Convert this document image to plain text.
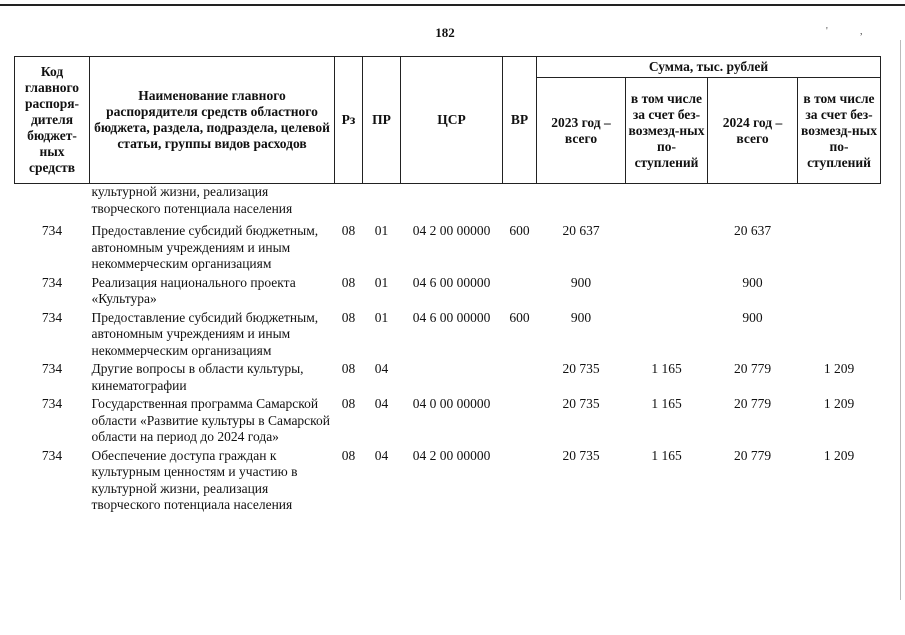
'	,
182
Код главного распоря-дителя бюджет-ных средств	Наименование главного распорядителя средств областного бюджета, раздела, подраздела, целевой статьи, группы видов расходов	Рз	ПР	ЦСР	ВР	Сумма, тыс. рублей			
						2023 год – всего	в том числе за счет без-возмезд-ных по-ступлений	2024 год – всего	в том числе за счет без-возмезд-ных по-ступлений
	культурной жизни, реализация творческого потенциала населения								
734	Предоставление субсидий бюджетным, автономным учреждениям и иным некоммерческим организациям	08	01	04 2 00 00000	600	20 637		20 637	
734	Реализация национального проекта «Культура»	08	01	04 6 00 00000		900		900	
734	Предоставление субсидий бюджетным, автономным учреждениям и иным некоммерческим организациям	08	01	04 6 00 00000	600	900		900	
734	Другие вопросы в области культуры, кинематографии	08	04			20 735	1 165	20 779	1 209
734	Государственная программа Самарской области «Развитие культуры в Самарской области на период до 2024 года»	08	04	04 0 00 00000		20 735	1 165	20 779	1 209
734	Обеспечение доступа граждан к культурным ценностям и участию в культурной жизни, реализация творческого потенциала населения	08	04	04 2 00 00000		20 735	1 165	20 779	1 209
